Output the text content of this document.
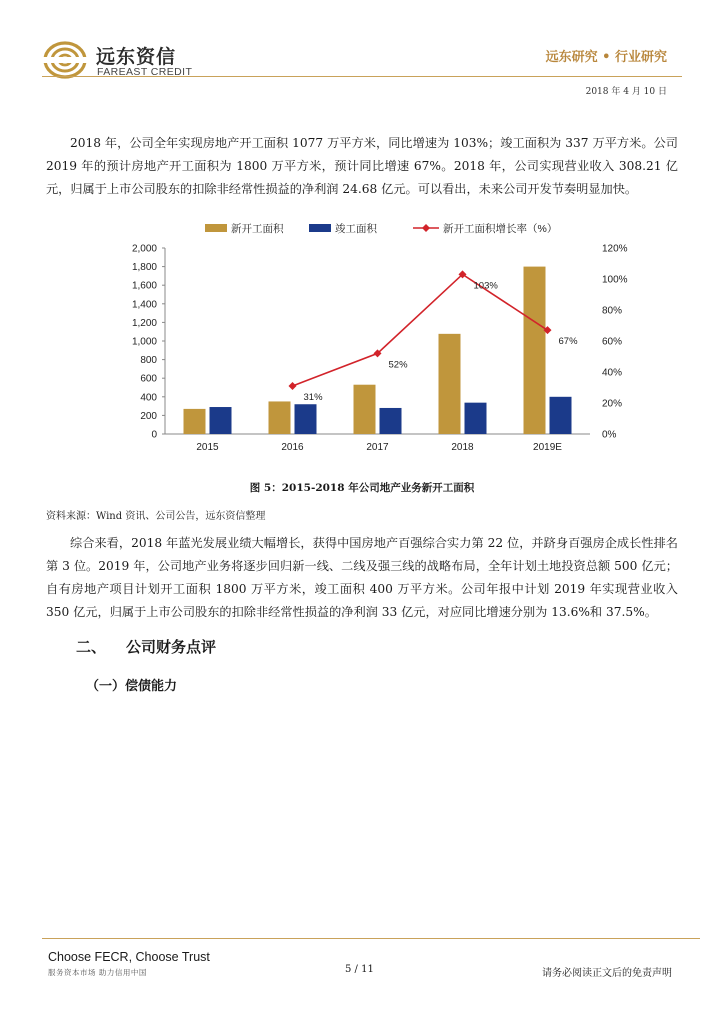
远东资信
FAREAST CREDIT
远东研究 • 行业研究
2018 年 4 月 10 日

2018 年，公司全年实现房地产开工面积 1077 万平方米，同比增速为 103%；竣工面积为 337 万平方米。公司 2019 年的预计房地产开工面积为 1800 万平方米，预计同比增速 67%。2018 年，公司实现营业收入 308.21 亿元，归属于上市公司股东的扣除非经常性损益的净利润 24.68 亿元。可以看出，未来公司开发节奏明显加快。

0
200
400
600
800
1,000
1,200
1,400
1,600
1,800
2,000
0%
20%
40%
60%
80%
100%
120%
2015	2016	2017	2018	2019E
31%
52%
103%
67%
新开工面积	竣工面积	新开工面积增长率（%）
图 5：2015-2018 年公司地产业务新开工面积
资料来源：Wind 资讯、公司公告，远东资信整理

综合来看，2018 年蓝光发展业绩大幅增长，获得中国房地产百强综合实力第 22 位，并跻身百强房企成长性排名第 3 位。2019 年，公司地产业务将逐步回归新一线、二线及强三线的战略布局，全年计划土地投资总额 500 亿元；自有房地产项目计划开工面积 1800 万平方米，竣工面积 400 万平方米。公司年报中计划 2019 年实现营业收入 350 亿元，归属于上市公司股东的扣除非经常性损益的净利润 33 亿元，对应同比增速分别为 13.6%和 37.5%。

二、 公司财务点评
（一）偿债能力
Choose FECR, Choose Trust
服务资本市场 助力信用中国	5 / 11	请务必阅读正文后的免责声明
